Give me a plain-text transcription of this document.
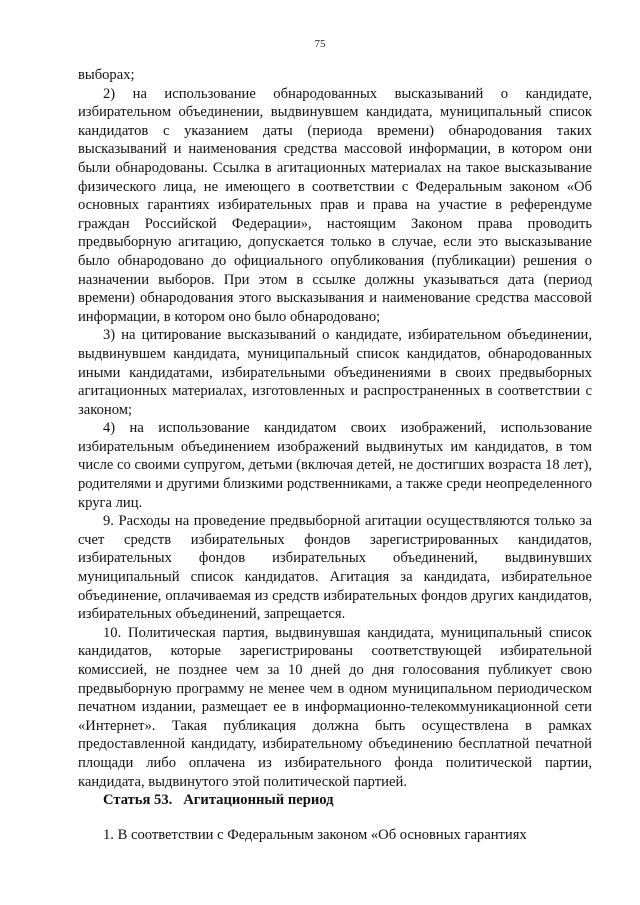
75

выборах;

2) на использование обнародованных высказываний о кандидате, избирательном объединении, выдвинувшем кандидата, муниципальный список кандидатов с указанием даты (периода времени) обнародования таких высказываний и наименования средства массовой информации, в котором они были обнародованы. Ссылка в агитационных материалах на такое высказывание физического лица, не имеющего в соответствии с Федеральным законом «Об основных гарантиях избирательных прав и права на участие в референдуме граждан Российской Федерации», настоящим Законом права проводить предвыборную агитацию, допускается только в случае, если это высказывание было обнародовано до официального опубликования (публикации) решения о назначении выборов. При этом в ссылке должны указываться дата (период времени) обнародования этого высказывания и наименование средства массовой информации, в котором оно было обнародовано;

3) на цитирование высказываний о кандидате, избирательном объединении, выдвинувшем кандидата, муниципальный список кандидатов, обнародованных иными кандидатами, избирательными объединениями в своих предвыборных агитационных материалах, изготовленных и распространенных в соответствии с законом;

4) на использование кандидатом своих изображений, использование избирательным объединением изображений выдвинутых им кандидатов, в том числе со своими супругом, детьми (включая детей, не достигших возраста 18 лет), родителями и другими близкими родственниками, а также среди неопределенного круга лиц.

9. Расходы на проведение предвыборной агитации осуществляются только за счет средств избирательных фондов зарегистрированных кандидатов, избирательных фондов избирательных объединений, выдвинувших муниципальный список кандидатов. Агитация за кандидата, избирательное объединение, оплачиваемая из средств избирательных фондов других кандидатов, избирательных объединений, запрещается.

10. Политическая партия, выдвинувшая кандидата, муниципальный список кандидатов, которые зарегистрированы соответствующей избирательной комиссией, не позднее чем за 10 дней до дня голосования публикует свою предвыборную программу не менее чем в одном муниципальном периодическом печатном издании, размещает ее в информационно-телекоммуникационной сети «Интернет». Такая публикация должна быть осуществлена в рамках предоставленной кандидату, избирательному объединению бесплатной печатной площади либо оплачена из избирательного фонда политической партии, кандидата, выдвинутого этой политической партией.

Статья 53. Агитационный период

1. В соответствии с Федеральным законом «Об основных гарантиях
